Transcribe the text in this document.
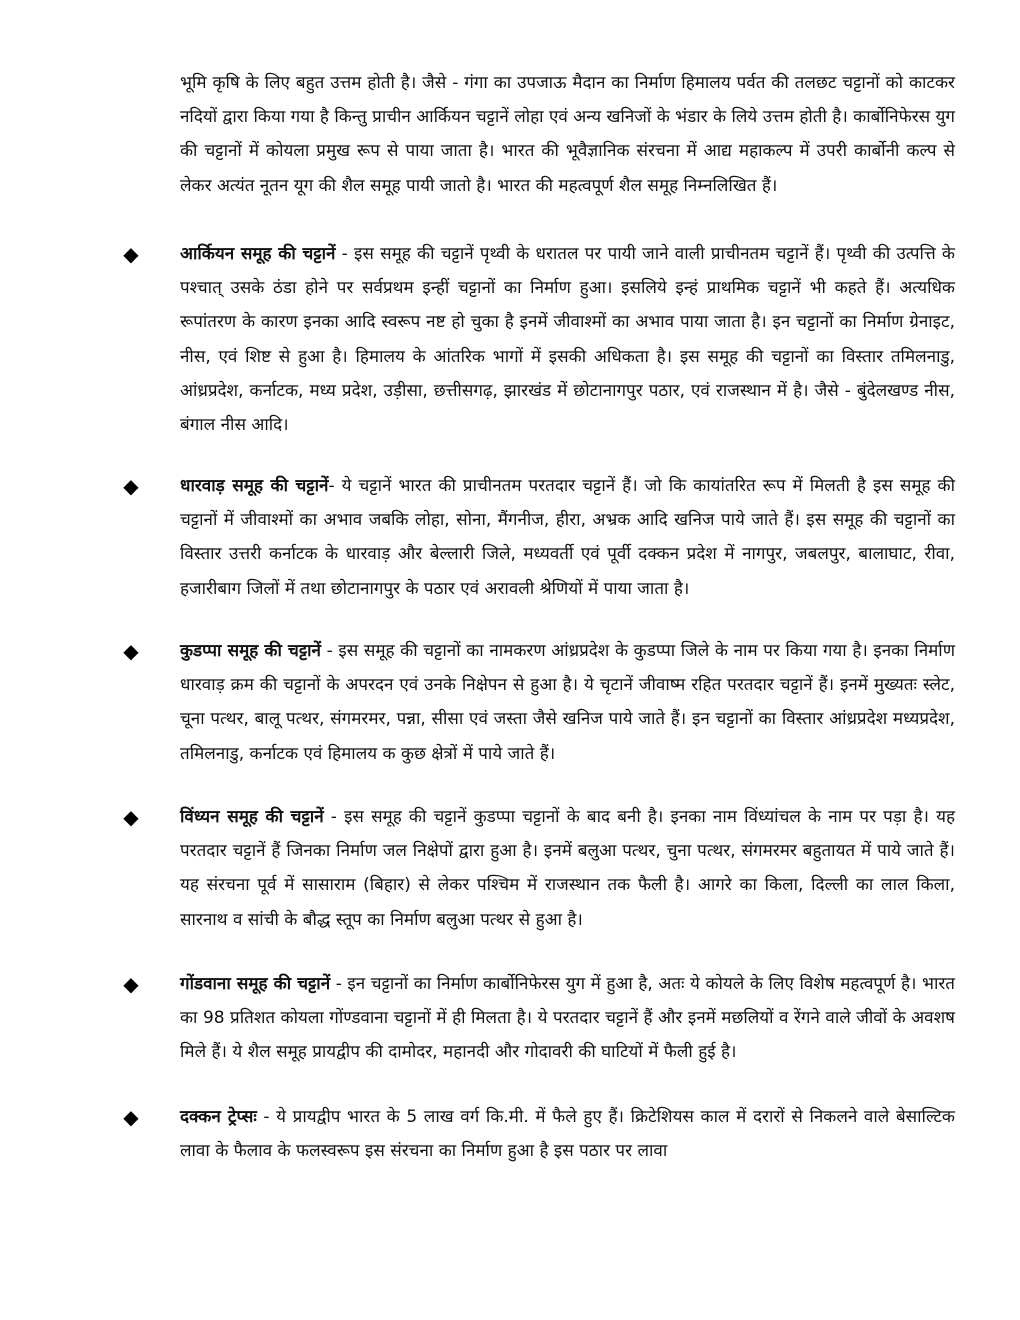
भूमि कृषि के लिए बहुत उत्तम होती है। जैसे - गंगा का उपजाऊ मैदान का निर्माण हिमालय पर्वत की तलछट चट्टानों को काटकर नदियों द्वारा किया गया है किन्तु प्राचीन आर्कियन चट्टानें लोहा एवं अन्य खनिजों के भंडार के लिये उत्तम होती है। कार्बोनिफेरस युग की चट्टानों में कोयला प्रमुख रूप से पाया जाता है। भारत की भूवैज्ञानिक संरचना में आद्य महाकल्प में उपरी कार्बोनी कल्प से लेकर अत्यंत नूतन यूग की शैल समूह पायी जातो है। भारत की महत्वपूर्ण शैल समूह निम्नलिखित हैं।

◆ आर्कियन समूह की चट्टानें - इस समूह की चट्टानें पृथ्वी के धरातल पर पायी जाने वाली प्राचीनतम चट्टानें हैं। पृथ्वी की उत्पत्ति के पश्चात् उसके ठंडा होने पर सर्वप्रथम इन्हीं चट्टानों का निर्माण हुआ। इसलिये इन्हं प्राथमिक चट्टानें भी कहते हैं। अत्यधिक रूपांतरण के कारण इनका आदि स्वरूप नष्ट हो चुका है इनमें जीवाश्मों का अभाव पाया जाता है। इन चट्टानों का निर्माण ग्रेनाइट, नीस, एवं शिष्ट से हुआ है। हिमालय के आंतरिक भागों में इसकी अधिकता है। इस समूह की चट्टानों का विस्तार तमिलनाडु, आंध्रप्रदेश, कर्नाटक, मध्य प्रदेश, उड़ीसा, छत्तीसगढ़, झारखंड में छोटानागपुर पठार, एवं राजस्थान में है। जैसे - बुंदेलखण्ड नीस, बंगाल नीस आदि।
◆ धारवाड़ समूह की चट्टानें- ये चट्टानें भारत की प्राचीनतम परतदार चट्टानें हैं। जो कि कायांतरित रूप में मिलती है इस समूह की चट्टानों में जीवाश्मों का अभाव जबकि लोहा, सोना, मैंगनीज, हीरा, अभ्रक आदि खनिज पाये जाते हैं। इस समूह की चट्टानों का विस्तार उत्तरी कर्नाटक के धारवाड़ और बेल्लारी जिले, मध्यवर्ती एवं पूर्वी दक्कन प्रदेश में नागपुर, जबलपुर, बालाघाट, रीवा, हजारीबाग जिलों में तथा छोटानागपुर के पठार एवं अरावली श्रेणियों में पाया जाता है।
◆ कुडप्पा समूह की चट्टानें - इस समूह की चट्टानों का नामकरण आंध्रप्रदेश के कुडप्पा जिले के नाम पर किया गया है। इनका निर्माण धारवाड़ क्रम की चट्टानों के अपरदन एवं उनके निक्षेपन से हुआ है। ये चृटानें जीवाष्म रहित परतदार चट्टानें हैं। इनमें मुख्यतः स्लेट, चूना पत्थर, बालू पत्थर, संगमरमर, पन्ना, सीसा एवं जस्ता जैसे खनिज पाये जाते हैं। इन चट्टानों का विस्तार आंध्रप्रदेश मध्यप्रदेश, तमिलनाडु, कर्नाटक एवं हिमालय क कुछ क्षेत्रों में पाये जाते हैं।
◆ विंध्यन समूह की चट्टानें - इस समूह की चट्टानें कुडप्पा चट्टानों के बाद बनी है। इनका नाम विंध्यांचल के नाम पर पड़ा है। यह परतदार चट्टानें हैं जिनका निर्माण जल निक्षेपों द्वारा हुआ है। इनमें बलुआ पत्थर, चुना पत्थर, संगमरमर बहुतायत में पाये जाते हैं। यह संरचना पूर्व में सासाराम (बिहार) से लेकर पश्चिम में राजस्थान तक फैली है। आगरे का किला, दिल्ली का लाल किला, सारनाथ व सांची के बौद्ध स्तूप का निर्माण बलुआ पत्थर से हुआ है।
◆ गोंडवाना समूह की चट्टानें - इन चट्टानों का निर्माण कार्बोनिफेरस युग में हुआ है, अतः ये कोयले के लिए विशेष महत्वपूर्ण है। भारत का 98 प्रतिशत कोयला गोंण्डवाना चट्टानों में ही मिलता है। ये परतदार चट्टानें हैं और इनमें मछलियों व रेंगने वाले जीवों के अवशष मिले हैं। ये शैल समूह प्रायद्वीप की दामोदर, महानदी और गोदावरी की घाटियों में फैली हुई है।
◆ दक्कन ट्रेप्सः - ये प्रायद्वीप भारत के 5 लाख वर्ग कि.मी. में फैले हुए हैं। क्रिटेशियस काल में दरारों से निकलने वाले बेसाल्टिक लावा के फैलाव के फलस्वरूप इस संरचना का निर्माण हुआ है इस पठार पर लावा
